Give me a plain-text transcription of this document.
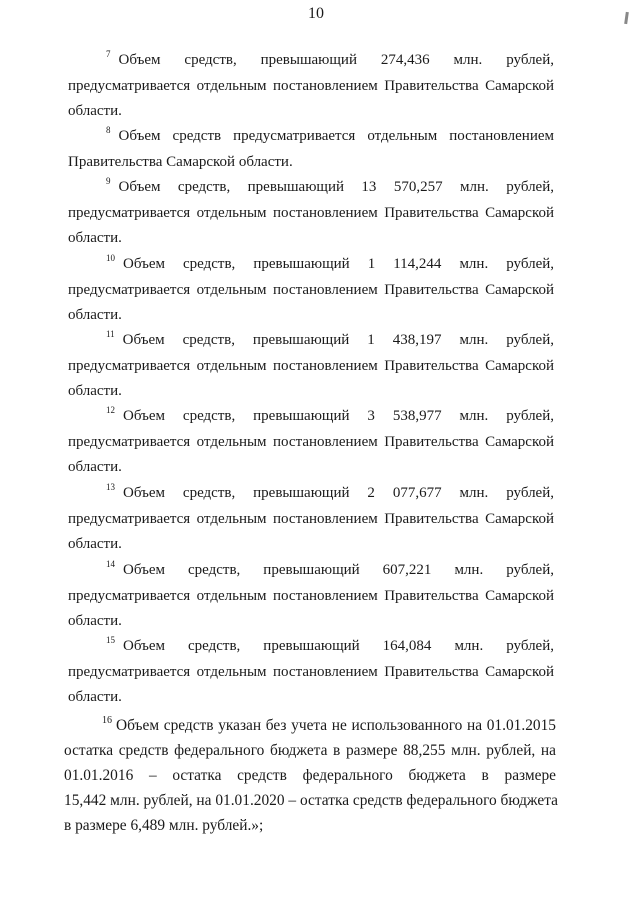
10
$^7$ Объем средств, превышающий 274,436 млн. рублей,
предусматривается отдельным постановлением Правительства Самарской
области.
$^8$ Объем средств предусматривается отдельным постановлением
Правительства Самарской области.
$^9$ Объем средств, превышающий 13 570,257 млн. рублей,
предусматривается отдельным постановлением Правительства Самарской
области.
$^{10}$ Объем средств, превышающий 1 114,244 млн. рублей,
предусматривается отдельным постановлением Правительства Самарской
области.
$^{11}$ Объем средств, превышающий 1 438,197 млн. рублей,
предусматривается отдельным постановлением Правительства Самарской
области.
$^{12}$ Объем средств, превышающий 3 538,977 млн. рублей,
предусматривается отдельным постановлением Правительства Самарской
области.
$^{13}$ Объем средств, превышающий 2 077,677 млн. рублей,
предусматривается отдельным постановлением Правительства Самарской
области.
$^{14}$ Объем средств, превышающий 607,221 млн. рублей,
предусматривается отдельным постановлением Правительства Самарской
области.
$^{15}$ Объем средств, превышающий 164,084 млн. рублей,
предусматривается отдельным постановлением Правительства Самарской
области.
$^{16}$ Объем средств указан без учета не использованного на 01.01.2015
остатка средств федерального бюджета в размере 88,255 млн. рублей, на
01.01.2016 – остатка средств федерального бюджета в размере
15,442 млн. рублей, на 01.01.2020 – остатка средств федерального бюджета
в размере 6,489 млн. рублей.»;
